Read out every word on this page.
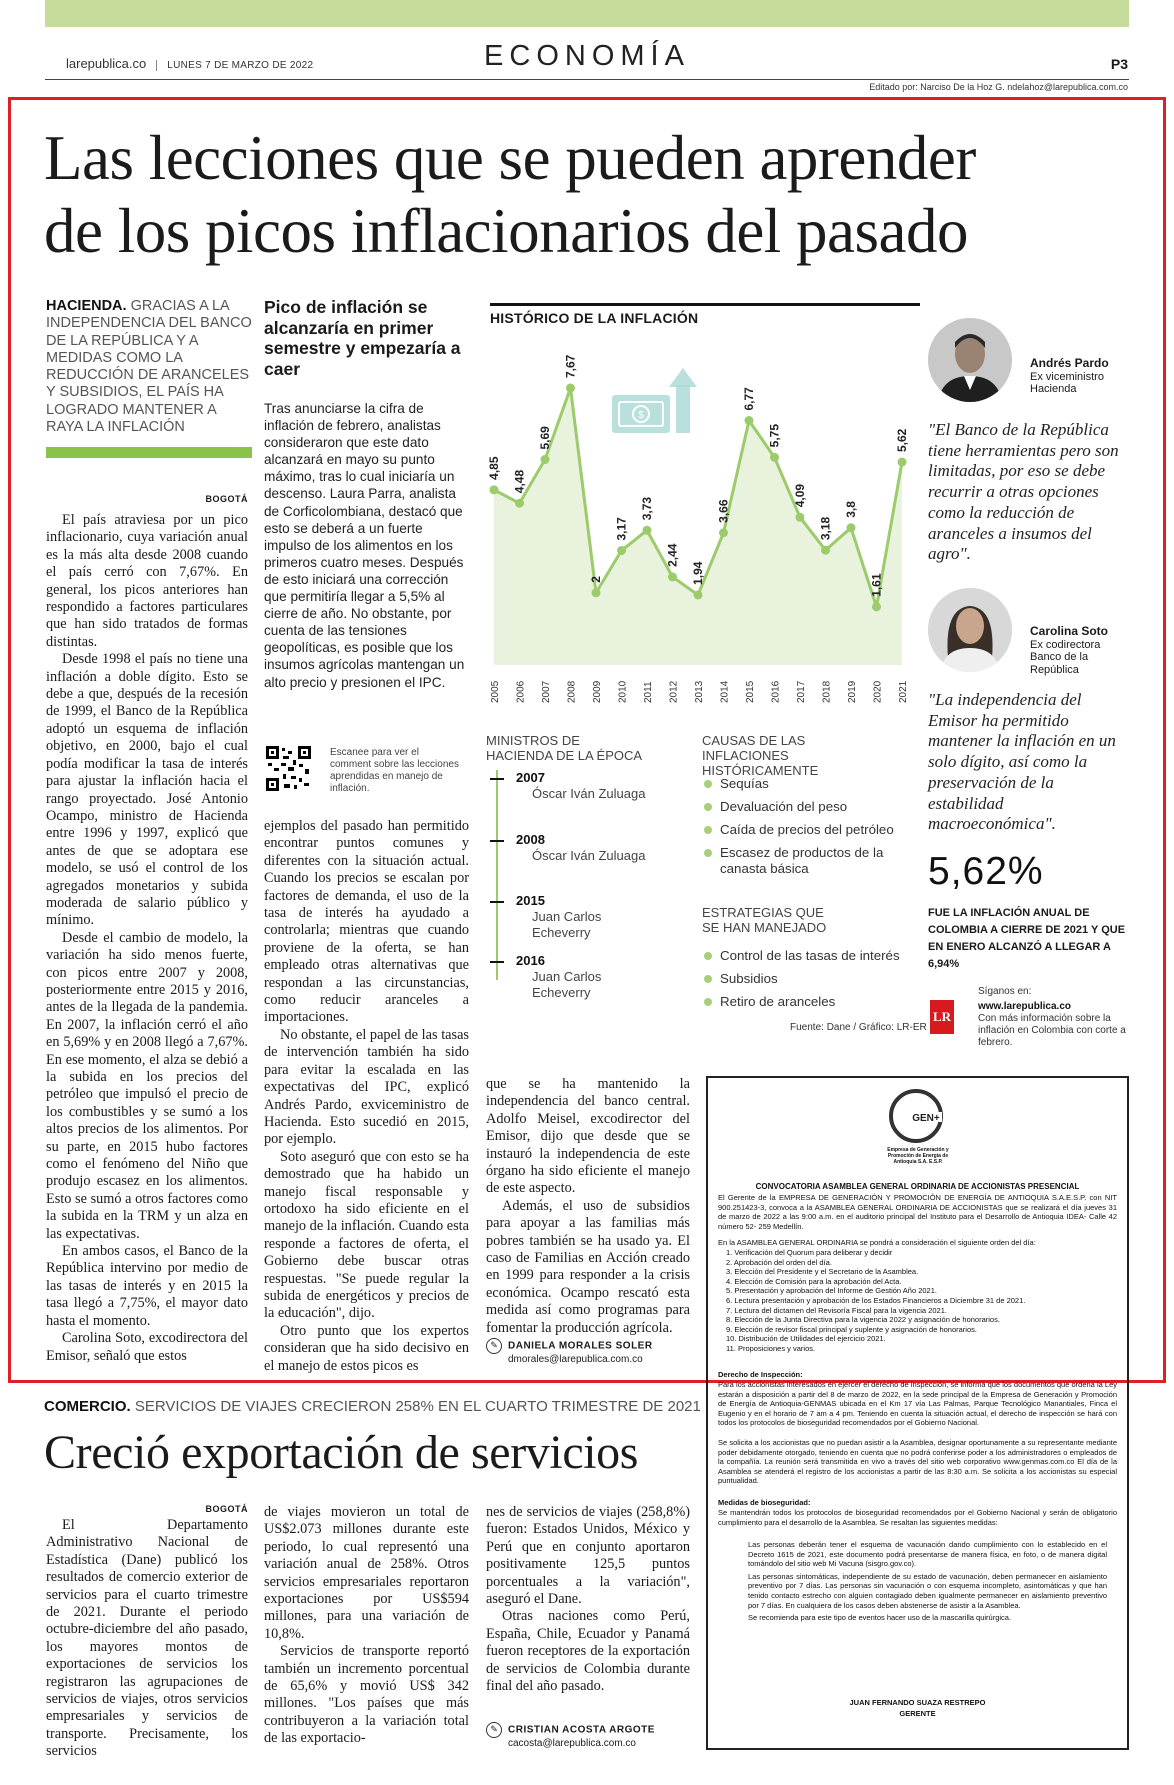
larepublica.co LUNES 7 DE MARZO DE 2022	ECONOMÍA	P3
Editado por: Narciso De la Hoz G. ndelahoz@larepublica.com.co
Las lecciones que se pueden aprender
de los picos inflacionarios del pasado
HACIENDA. GRACIAS A LA INDEPENDENCIA DEL BANCO DE LA REPÚBLICA Y A MEDIDAS COMO LA REDUCCIÓN DE ARANCELES Y SUBSIDIOS, EL PAÍS HA LOGRADO MANTENER A RAYA LA INFLACIÓN
BOGOTÁ

El país atraviesa por un pico inflacionario, cuya variación anual es la más alta desde 2008 cuando el país cerró con 7,67%. En general, los picos anteriores han respondido a factores particulares que han sido tratados de formas distintas.

Desde 1998 el país no tiene una inflación a doble dígito. Esto se debe a que, después de la recesión de 1999, el Banco de la República adoptó un esquema de inflación objetivo, en 2000, bajo el cual podía modificar la tasa de interés para ajustar la inflación hacia el rango proyectado. José Antonio Ocampo, ministro de Hacienda entre 1996 y 1997, explicó que antes de que se adoptara ese modelo, se usó el control de los agregados monetarios y subida moderada de salario público y mínimo.

Desde el cambio de modelo, la variación ha sido menos fuerte, con picos entre 2007 y 2008, posteriormente entre 2015 y 2016, antes de la llegada de la pandemia. En 2007, la inflación cerró el año en 5,69% y en 2008 llegó a 7,67%. En ese momento, el alza se debió a la subida en los precios del petróleo que impulsó el precio de los combustibles y se sumó a los altos precios de los alimentos. Por su parte, en 2015 hubo factores como el fenómeno del Niño que produjo escasez en los alimentos. Esto se sumó a otros factores como la subida en la TRM y un alza en las expectativas.

En ambos casos, el Banco de la República intervino por medio de las tasas de interés y en 2015 la tasa llegó a 7,75%, el mayor dato hasta el momento.

Carolina Soto, excodirectora del Emisor, señaló que estos

Pico de inflación se alcanzaría en primer semestre y empezaría a caer
Tras anunciarse la cifra de inflación de febrero, analistas consideraron que este dato alcanzará en mayo su punto máximo, tras lo cual iniciaría un descenso. Laura Parra, analista de Corficolombiana, destacó que esto se deberá a un fuerte impulso de los alimentos en los primeros cuatro meses. Después de esto iniciará una corrección que permitiría llegar a 5,5% al cierre de año. No obstante, por cuenta de las tensiones geopolíticas, es posible que los insumos agrícolas mantengan un alto precio y presionen el IPC.
Escanee para ver el comment sobre las lecciones aprendidas en manejo de inflación.

ejemplos del pasado han permitido encontrar puntos comunes y diferentes con la situación actual. Cuando los precios se escalan por factores de demanda, el uso de la tasa de interés ha ayudado a controlarla; mientras que cuando proviene de la oferta, se han empleado otras alternativas que respondan a las circunstancias, como reducir aranceles a importaciones.

No obstante, el papel de las tasas de intervención también ha sido para evitar la escalada en las expectativas del IPC, explicó Andrés Pardo, exviceministro de Hacienda. Esto sucedió en 2015, por ejemplo.

Soto aseguró que con esto se ha demostrado que ha habido un manejo fiscal responsable y ortodoxo ha sido eficiente en el manejo de la inflación. Cuando esta responde a factores de oferta, el Gobierno debe buscar otras respuestas. "Se puede regular la subida de energéticos y precios de la educación", dijo.

Otro punto que los expertos consideran que ha sido decisivo en el manejo de estos picos es

que se ha mantenido la independencia del banco central. Adolfo Meisel, excodirector del Emisor, dijo que desde que se instauró la independencia de este órgano ha sido eficiente el manejo de este aspecto.

Además, el uso de subsidios para apoyar a las familias más pobres también se ha usado ya. El caso de Familias en Acción creado en 1999 para responder a la crisis económica. Ocampo rescató esta medida así como programas para fomentar la producción agrícola.

✎ DANIELA MORALES SOLER
dmorales@larepublica.com.co
HISTÓRICO DE LA INFLACIÓN
$
4,85
4,48
5,69
7,67
2
3,17
3,73
2,44
1,94
3,66
6,77
5,75
4,09
3,18
3,8
1,61
5,62
2005 2006 2007 2008 2009 2010 2011 2012 2013 2014 2015 2016 2017 2018 2019 2020 2021
MINISTROS DE HACIENDA DE LA ÉPOCA
2007
Óscar Iván Zuluaga
2008
Óscar Iván Zuluaga
2015
Juan Carlos Echeverry
2016
Juan Carlos Echeverry
CAUSAS DE LAS INFLACIONES HISTÓRICAMENTE
Sequías
Devaluación del peso
Caída de precios del petróleo
Escasez de productos de la canasta básica
ESTRATEGIAS QUE SE HAN MANEJADO
Control de las tasas de interés
Subsidios
Retiro de aranceles
Fuente: Dane / Gráfico: LR-ER
Andrés Pardo
Ex viceministro Hacienda
"El Banco de la República tiene herramientas pero son limitadas, por eso se debe recurrir a otras opciones como la reducción de aranceles a insumos del agro".
Carolina Soto
Ex codirectora Banco de la República
"La independencia del Emisor ha permitido mantener la inflación en un solo dígito, así como la preservación de la estabilidad macroeconómica".
5,62%
FUE LA INFLACIÓN ANUAL DE COLOMBIA A CIERRE DE 2021 Y QUE EN ENERO ALCANZÓ A LLEGAR A 6,94%
LR
Síganos en:
www.larepublica.co
Con más información sobre la inflación en Colombia con corte a febrero.
GEN+
Empresa de Generación y Promoción de Energía de Antioquia S.A. E.S.P.
CONVOCATORIA ASAMBLEA GENERAL ORDINARIA DE ACCIONISTAS PRESENCIAL
El Gerente de la EMPRESA DE GENERACIÓN Y PROMOCIÓN DE ENERGÍA DE ANTIOQUIA S.A.E.S.P. con NIT 900.251423-3, convoca a la ASAMBLEA GENERAL ORDINARIA DE ACCIONISTAS que se realizará el día jueves 31 de marzo de 2022 a las 9:00 a.m. en el auditorio principal del Instituto para el Desarrollo de Antioquia IDEA- Calle 42 número 52- 259 Medellín.
En la ASAMBLEA GENERAL ORDINARIA se pondrá a consideración el siguiente orden del día:
1. Verificación del Quorum para deliberar y decidir
2. Aprobación del orden del día.
3. Elección del Presidente y el Secretario de la Asamblea.
4. Elección de Comisión para la aprobación del Acta.
5. Presentación y aprobación del Informe de Gestión Año 2021.
6. Lectura presentación y aprobación de los Estados Financieros a Diciembre 31 de 2021.
7. Lectura del dictamen del Revisoría Fiscal para la vigencia 2021.
8. Elección de la Junta Directiva para la vigencia 2022 y asignación de honorarios.
9. Elección de revisor fiscal principal y suplente y asignación de honorarios.
10. Distribución de Utilidades del ejercicio 2021.
11. Proposiciones y varios.
Derecho de Inspección:
Para los accionistas interesados en ejercer el derecho de inspección, se informa que los documentos que ordena la Ley estarán a disposición a partir del 8 de marzo de 2022, en la sede principal de la Empresa de Generación y Promoción de Energía de Antioquia-GENMAS ubicada en el Km 17 vía Las Palmas, Parque Tecnológico Manantiales, Finca el Eugenio y en el horario de 7 am a 4 pm. Teniendo en cuenta la situación actual, el derecho de inspección se hará con todos los protocolos de bioseguridad recomendados por el Gobierno Nacional.
Se solicita a los accionistas que no puedan asistir a la Asamblea, designar oportunamente a su representante mediante poder debidamente otorgado, teniendo en cuenta que no podrá conferirse poder a los administradores o empleados de la compañía. La reunión será transmitida en vivo a través del sitio web corporativo www.genmas.com.co El día de la Asamblea se atenderá el registro de los accionistas a partir de las 8:30 a.m. Se solicita a los accionistas su especial puntualidad.
Medidas de bioseguridad:
Se mantendrán todos los protocolos de bioseguridad recomendados por el Gobierno Nacional y serán de obligatorio cumplimiento para el desarrollo de la Asamblea. Se resaltan las siguientes medidas:
Las personas deberán tener el esquema de vacunación dando cumplimiento con lo establecido en el Decreto 1615 de 2021, este documento podrá presentarse de manera física, en foto, o de manera digital tomándolo del sitio web Mi Vacuna (sisgro.gov.co).
Las personas sintomáticas, independiente de su estado de vacunación, deben permanecer en aislamiento preventivo por 7 días. Las personas sin vacunación o con esquema incompleto, asintomáticas y que han tenido contacto estrecho con alguien contagiado deben igualmente permanecer en aislamiento preventivo por 7 días. En cualquiera de los casos deben abstenerse de asistir a la Asamblea.
Se recomienda para este tipo de eventos hacer uso de la mascarilla quirúrgica.
JUAN FERNANDO SUAZA RESTREPO
GERENTE
COMERCIO. SERVICIOS DE VIAJES CRECIERON 258% EN EL CUARTO TRIMESTRE DE 2021
Creció exportación de servicios
BOGOTÁ

El Departamento Administrativo Nacional de Estadística (Dane) publicó los resultados de comercio exterior de servicios para el cuarto trimestre de 2021. Durante el periodo octubre-diciembre del año pasado, los mayores montos de exportaciones de servicios los registraron las agrupaciones de servicios de viajes, otros servicios empresariales y servicios de transporte. Precisamente, los servicios

de viajes movieron un total de US$2.073 millones durante este periodo, lo cual representó una variación anual de 258%. Otros servicios empresariales reportaron exportaciones por US$594 millones, para una variación de 10,8%.

Servicios de transporte reportó también un incremento porcentual de 65,6% y movió US$ 342 millones. "Los países que más contribuyeron a la variación total de las exportacio-

nes de servicios de viajes (258,8%) fueron: Estados Unidos, México y Perú que en conjunto aportaron positivamente 125,5 puntos porcentuales a la variación", aseguró el Dane.

Otras naciones como Perú, España, Chile, Ecuador y Panamá fueron receptores de la exportación de servicios de Colombia durante final del año pasado.

✎ CRISTIAN ACOSTA ARGOTE
cacosta@larepublica.com.co
